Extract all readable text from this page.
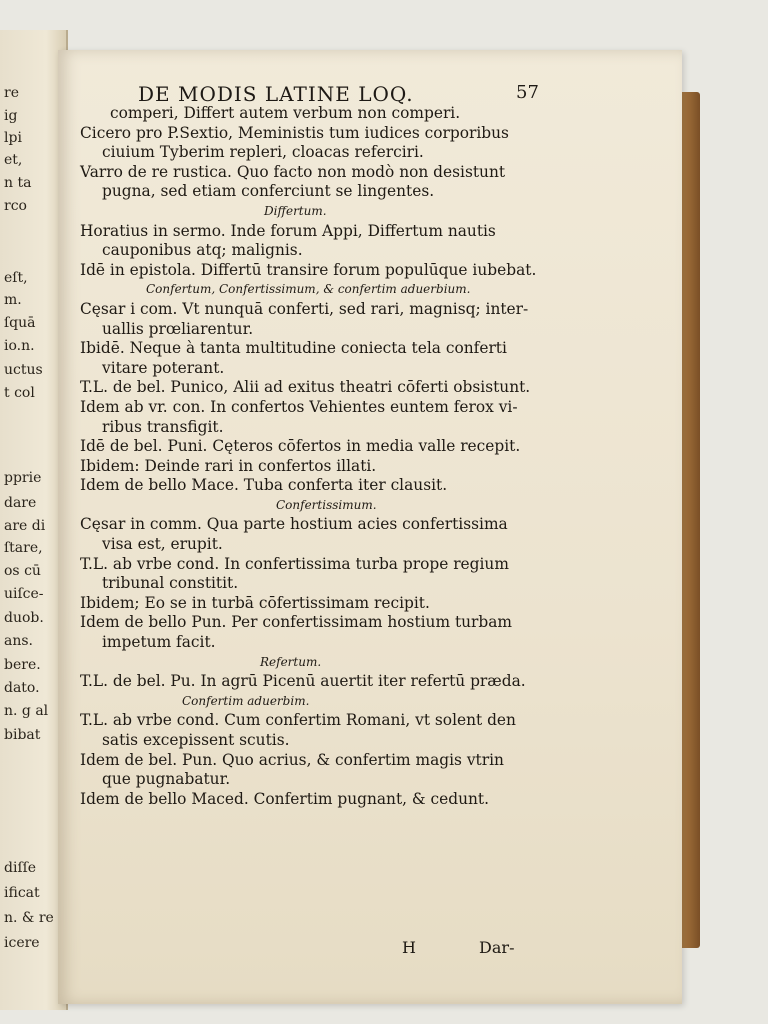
re
ig
lpi
et,
n ta
rco
eſt,
m.
ſquā
io.n.
uctus
t col
pprie
dare
are di
ſtare,
os cū
uiſce-
duob.
ans.
bere.
dato.
n. g al
bibat
diſſe
ificat
n. & re
icere
DE MODIS LATINE LOQ.	57
comperi, Differt autem verbum non comperi.
Cicero pro P.Sextio, Meministis tum iudices corporibus
ciuium Tyberim repleri, cloacas referciri.
Varro de re rustica. Quo facto non modò non desistunt
pugna, sed etiam conferciunt se lingentes.
Differtum.
Horatius in sermo. Inde forum Appi, Differtum nautis
cauponibus atq; malignis.
Idē in epistola. Differtū transire forum populūque iubebat.
Confertum, Confertissimum, & confertim aduerbium.
Cęsar i com. Vt nunquā conferti, sed rari, magnisq; inter-
uallis prœliarentur.
Ibidē. Neque à tanta multitudine coniecta tela conferti
vitare poterant.
T.L. de bel. Punico, Alii ad exitus theatri cōferti obsistunt.
Idem ab vr. con. In confertos Vehientes euntem ferox vi-
ribus transfigit.
Idē de bel. Puni. Cęteros cōfertos in media valle recepit.
Ibidem: Deinde rari in confertos illati.
Idem de bello Mace. Tuba conferta iter clausit.
Confertissimum.
Cęsar in comm. Qua parte hostium acies confertissima
visa est, erupit.
T.L. ab vrbe cond. In confertissima turba prope regium
tribunal constitit.
Ibidem; Eo se in turbā cōfertissimam recipit.
Idem de bello Pun. Per confertissimam hostium turbam
impetum facit.
Refertum.
T.L. de bel. Pu. In agrū Picenū auertit iter refertū præda.
Confertim aduerbim.
T.L. ab vrbe cond. Cum confertim Romani, vt solent den
satis excepissent scutis.
Idem de bel. Pun. Quo acrius, & confertim magis vtrin
que pugnabatur.
Idem de bello Maced. Confertim pugnant, & cedunt.
H	Dar-
